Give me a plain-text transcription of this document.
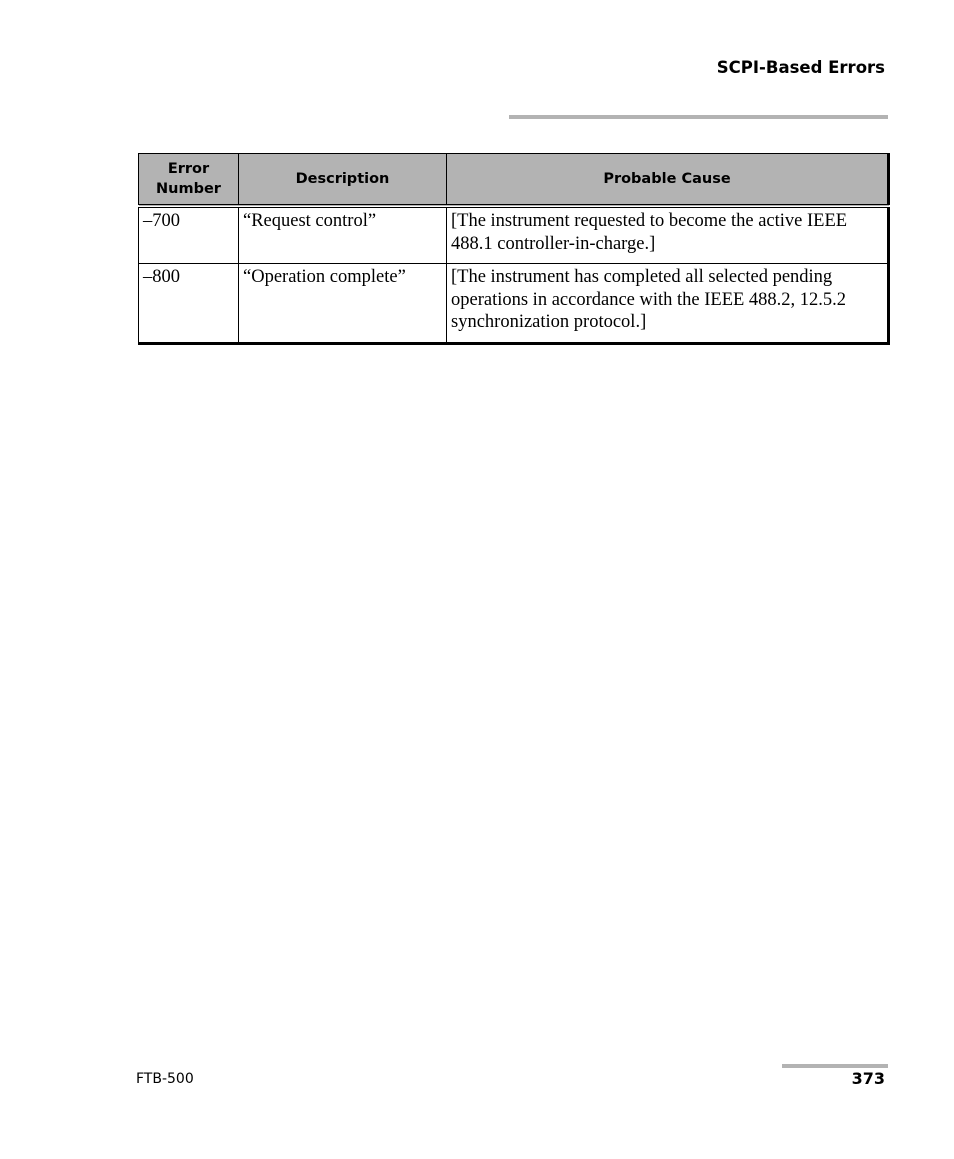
SCPI-Based Errors
Error Number	Description	Probable Cause
–700	“Request control”	[The instrument requested to become the active IEEE 488.1 controller-in-charge.]
–800	“Operation complete”	[The instrument has completed all selected pending operations in accordance with the IEEE 488.2, 12.5.2 synchronization protocol.]
FTB-500	373
